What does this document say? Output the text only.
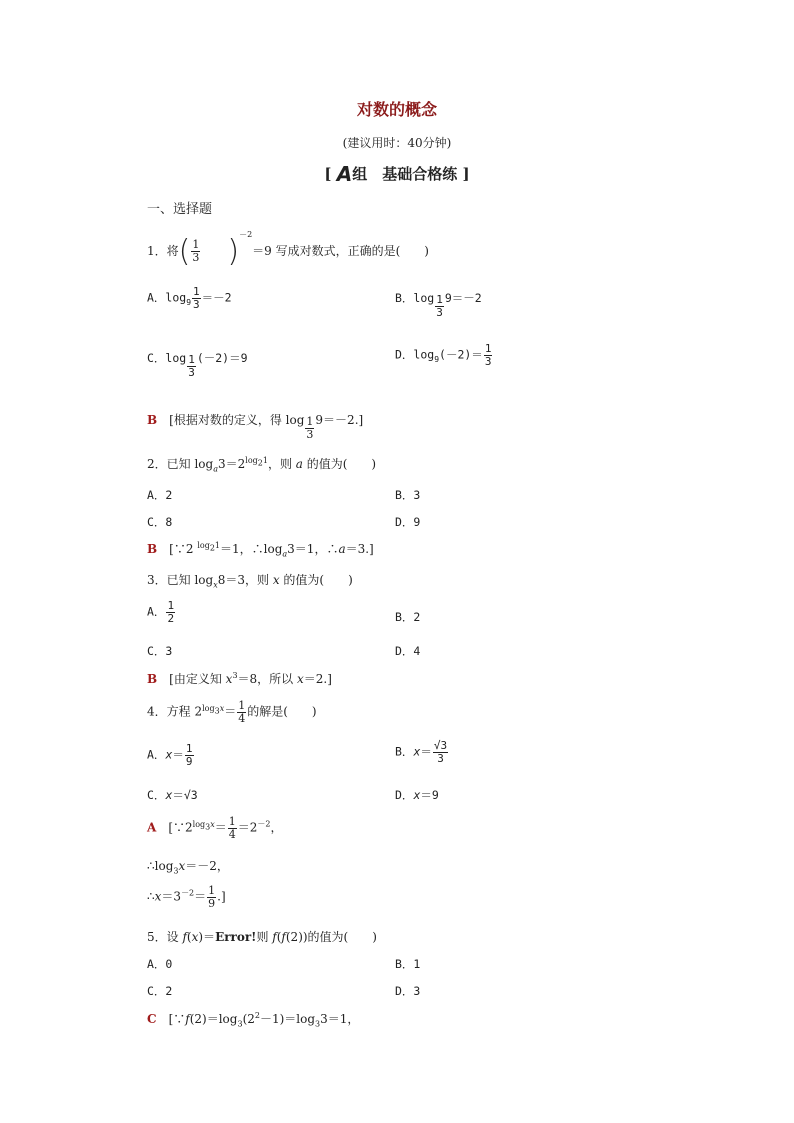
对数的概念
(建议用时：40分钟)
[ A组　基础合格练 ]
一、选择题
1．将( $\frac{1}{3} )^{-2}=9$ 写成对数式，正确的是(　　)
A．$\log_9 \frac{1}{3} =-2$	B．$\log \frac{1}{3} 9=-2$
C．$\log \frac{1}{3} (-2)=9$	D．$\log_9(-2)= \frac{1}{3}$
B　 [根据对数的定义，得 $\log \frac{1}{3} 9=-2$.]
2．已知 $\log_a3=2^{log_21}$，则 a 的值为(　　)
A．2	B．3
C．8	D．9
B　 [∵2 $^{log_21}$＝1，$\therefore\log_a3=1$，∴a＝3.]
3．已知 $\log_x8=3$，则 x 的值为(　　)
A． $\frac{1}{2}$	B．2
C．3	D．4
B　 [由定义知 $x^3=8$，所以 x＝2.]
4．方程 $2^{log_3x}= \frac{1}{4}$ 的解是(　　)
A．$x= \frac{1}{9}$	B．$x= \frac{√3}{3}$
C．x＝√3	D．x＝9
A　 [$\because 2^{log_3x}= \frac{1}{4} =2^{-2}$，
$\therefore\log_3x=-2$，
$\therefore x=3^{-2}= \frac{1}{9}$ .]
5．设 f(x)＝Error!则 f(f(2))的值为(　　)
A．0	B．1
C．2	D．3
C　 [$\because f(2)=\log_3(2^2-1)=\log_33=1$，
